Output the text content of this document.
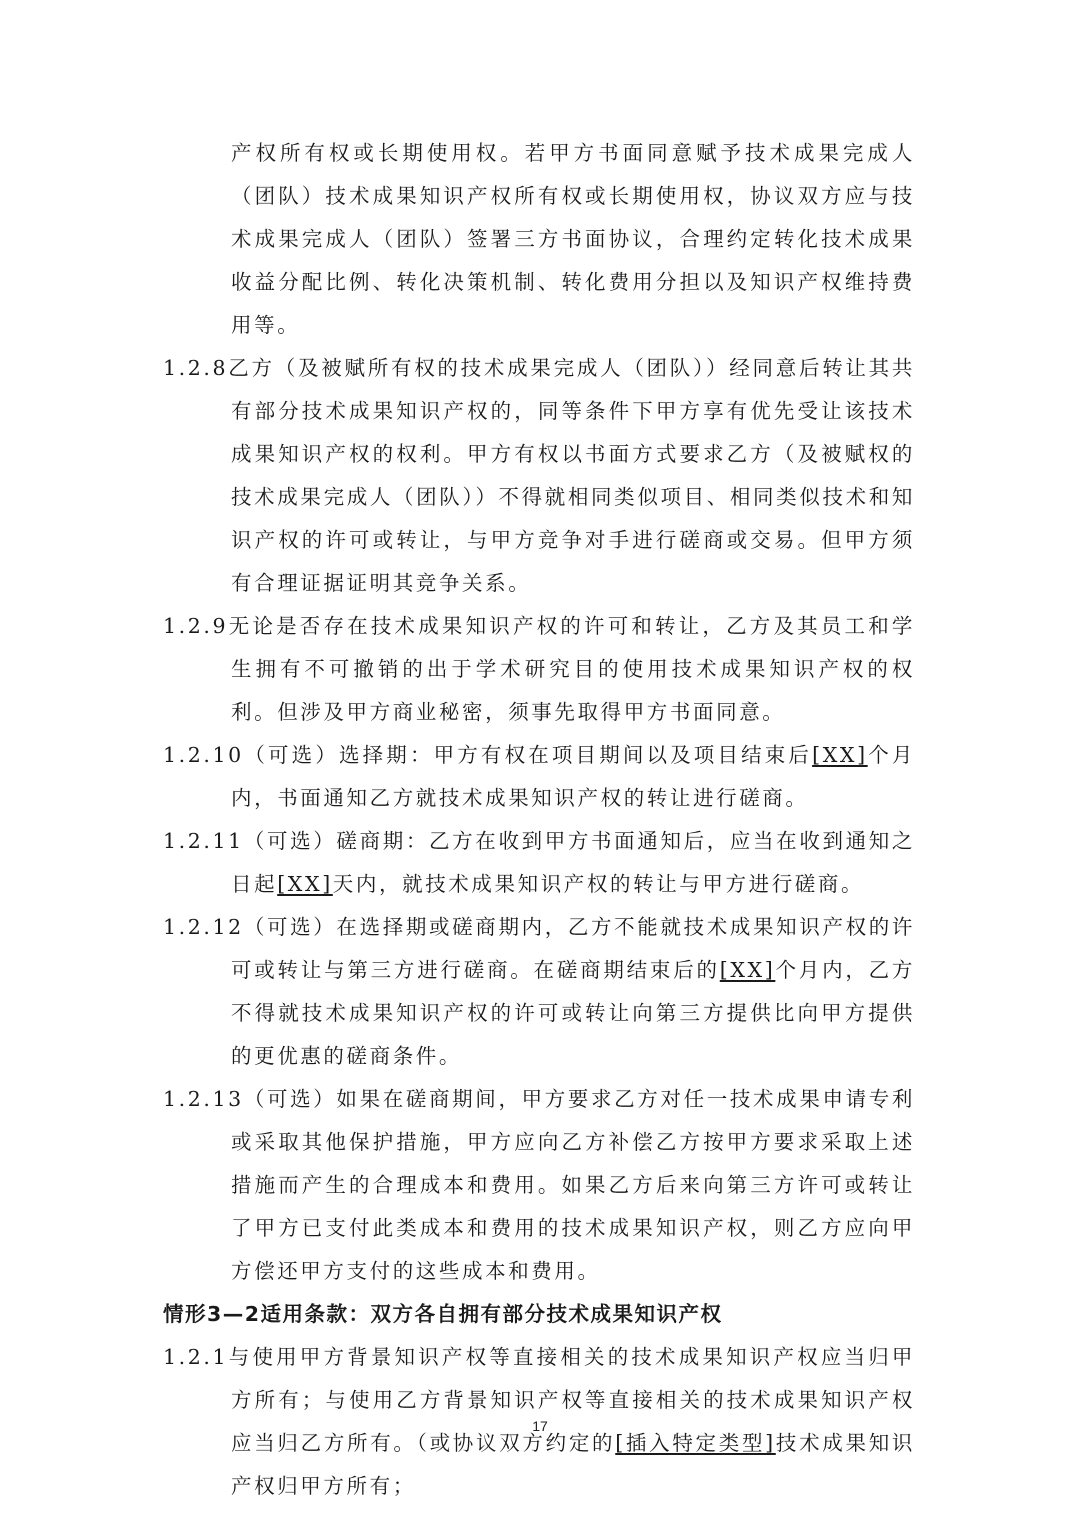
产权所有权或长期使用权。若甲方书面同意赋予技术成果完成人（团队）技术成果知识产权所有权或长期使用权，协议双方应与技术成果完成人（团队）签署三方书面协议，合理约定转化技术成果收益分配比例、转化决策机制、转化费用分担以及知识产权维持费用等。

1.2.8乙方（及被赋所有权的技术成果完成人（团队））经同意后转让其共有部分技术成果知识产权的，同等条件下甲方享有优先受让该技术成果知识产权的权利。甲方有权以书面方式要求乙方（及被赋权的技术成果完成人（团队））不得就相同类似项目、相同类似技术和知识产权的许可或转让，与甲方竞争对手进行磋商或交易。但甲方须有合理证据证明其竞争关系。

1.2.9无论是否存在技术成果知识产权的许可和转让，乙方及其员工和学生拥有不可撤销的出于学术研究目的使用技术成果知识产权的权利。但涉及甲方商业秘密，须事先取得甲方书面同意。

1.2.10（可选）选择期：甲方有权在项目期间以及项目结束后[XX]个月内，书面通知乙方就技术成果知识产权的转让进行磋商。

1.2.11（可选）磋商期：乙方在收到甲方书面通知后，应当在收到通知之日起[XX]天内，就技术成果知识产权的转让与甲方进行磋商。

1.2.12（可选）在选择期或磋商期内，乙方不能就技术成果知识产权的许可或转让与第三方进行磋商。在磋商期结束后的[XX]个月内，乙方不得就技术成果知识产权的许可或转让向第三方提供比向甲方提供的更优惠的磋商条件。

1.2.13（可选）如果在磋商期间，甲方要求乙方对任一技术成果申请专利或采取其他保护措施，甲方应向乙方补偿乙方按甲方要求采取上述措施而产生的合理成本和费用。如果乙方后来向第三方许可或转让了甲方已支付此类成本和费用的技术成果知识产权，则乙方应向甲方偿还甲方支付的这些成本和费用。

情形3—2适用条款：双方各自拥有部分技术成果知识产权

1.2.1与使用甲方背景知识产权等直接相关的技术成果知识产权应当归甲方所有；与使用乙方背景知识产权等直接相关的技术成果知识产权应当归乙方所有。（或协议双方约定的[插入特定类型]技术成果知识产权归甲方所有；

17
